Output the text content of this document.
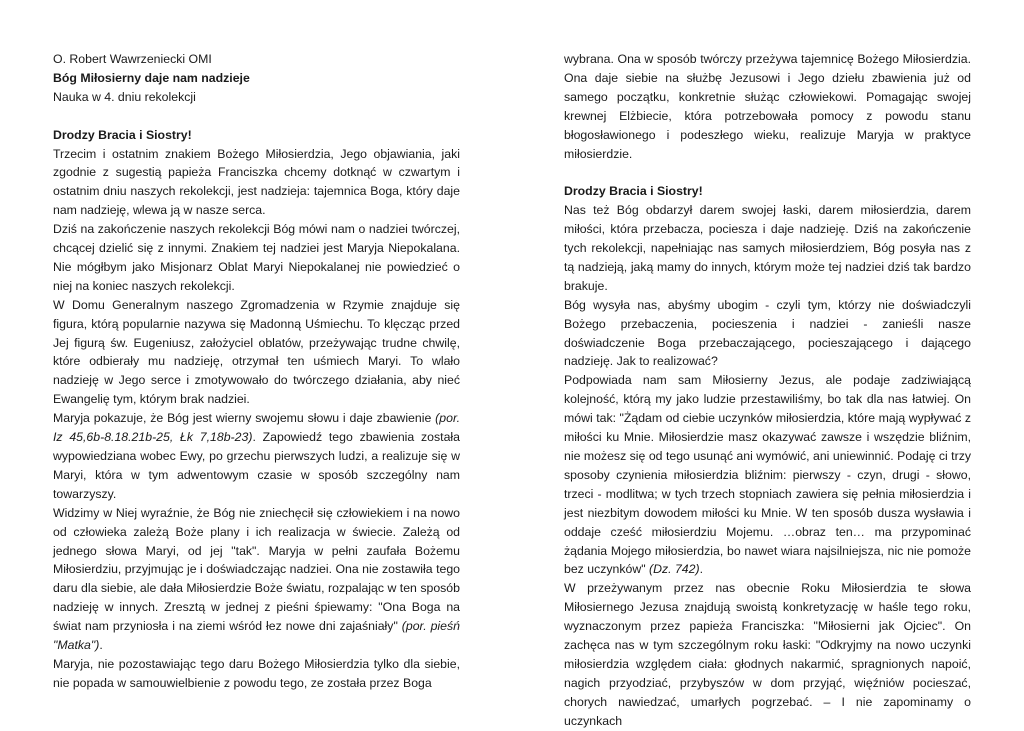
O. Robert Wawrzeniecki OMI
Bóg Miłosierny daje nam nadzieje
Nauka w 4. dniu rekolekcji
Drodzy Bracia i Siostry!

Trzecim i ostatnim znakiem Bożego Miłosierdzia, Jego objawiania, jaki zgodnie z sugestią papieża Franciszka chcemy dotknąć w czwartym i ostatnim dniu naszych rekolekcji, jest nadzieja: tajemnica Boga, który daje nam nadzieję, wlewa ją w nasze serca.

Dziś na zakończenie naszych rekolekcji Bóg mówi nam o nadziei twórczej, chcącej dzielić się z innymi. Znakiem tej nadziei jest Maryja Niepokalana. Nie mógłbym jako Misjonarz Oblat Maryi Niepokalanej nie powiedzieć o niej na koniec naszych rekolekcji.

W Domu Generalnym naszego Zgromadzenia w Rzymie znajduje się figura, którą popularnie nazywa się Madonną Uśmiechu. To klęcząc przed Jej figurą św. Eugeniusz, założyciel oblatów, przeżywając trudne chwilę, które odbierały mu nadzieję, otrzymał ten uśmiech Maryi. To wlało nadzieję w Jego serce i zmotywowało do twórczego działania, aby nieć Ewangelię tym, którym brak nadziei.

Maryja pokazuje, że Bóg jest wierny swojemu słowu i daje zbawienie (por. Iz 45,6b-8.18.21b-25, Łk 7,18b-23). Zapowiedź tego zbawienia została wypowiedziana wobec Ewy, po grzechu pierwszych ludzi, a realizuje się w Maryi, która w tym adwentowym czasie w sposób szczególny nam towarzyszy.

Widzimy w Niej wyraźnie, że Bóg nie zniechęcił się człowiekiem i na nowo od człowieka zależą Boże plany i ich realizacja w świecie. Zależą od jednego słowa Maryi, od jej "tak". Maryja w pełni zaufała Bożemu Miłosierdziu, przyjmując je i doświadczając nadziei. Ona nie zostawiła tego daru dla siebie, ale dała Miłosierdzie Boże światu, rozpalając w ten sposób nadzieję w innych. Zresztą w jednej z pieśni śpiewamy: "Ona Boga na świat nam przyniosła i na ziemi wśród łez nowe dni zajaśniały" (por. pieśń "Matka").

Maryja, nie pozostawiając tego daru Bożego Miłosierdzia tylko dla siebie, nie popada w samouwielbienie z powodu tego, ze została przez Boga

wybrana. Ona w sposób twórczy przeżywa tajemnicę Bożego Miłosierdzia. Ona daje siebie na służbę Jezusowi i Jego dziełu zbawienia już od samego początku, konkretnie służąc człowiekowi. Pomagając swojej krewnej Elżbiecie, która potrzebowała pomocy z powodu stanu błogosławionego i podeszłego wieku, realizuje Maryja w praktyce miłosierdzie.

Drodzy Bracia i Siostry!

Nas też Bóg obdarzył darem swojej łaski, darem miłosierdzia, darem miłości, która przebacza, pociesza i daje nadzieję. Dziś na zakończenie tych rekolekcji, napełniając nas samych miłosierdziem, Bóg posyła nas z tą nadzieją, jaką mamy do innych, którym może tej nadziei dziś tak bardzo brakuje.

Bóg wysyła nas, abyśmy ubogim - czyli tym, którzy nie doświadczyli Bożego przebaczenia, pocieszenia i nadziei - zanieśli nasze doświadczenie Boga przebaczającego, pocieszającego i dającego nadzieję. Jak to realizować?

Podpowiada nam sam Miłosierny Jezus, ale podaje zadziwiającą kolejność, którą my jako ludzie przestawiliśmy, bo tak dla nas łatwiej. On mówi tak: "Żądam od ciebie uczynków miłosierdzia, które mają wypływać z miłości ku Mnie. Miłosierdzie masz okazywać zawsze i wszędzie bliźnim, nie możesz się od tego usunąć ani wymówić, ani uniewinnić. Podaję ci trzy sposoby czynienia miłosierdzia bliźnim: pierwszy - czyn, drugi - słowo, trzeci - modlitwa; w tych trzech stopniach zawiera się pełnia miłosierdzia i jest niezbitym dowodem miłości ku Mnie. W ten sposób dusza wysławia i oddaje cześć miłosierdziu Mojemu. …obraz ten… ma przypominać żądania Mojego miłosierdzia, bo nawet wiara najsilniejsza, nic nie pomoże bez uczynków" (Dz. 742).

W przeżywanym przez nas obecnie Roku Miłosierdzia te słowa Miłosiernego Jezusa znajdują swoistą konkretyzację w haśle tego roku, wyznaczonym przez papieża Franciszka: "Miłosierni jak Ojciec". On zachęca nas w tym szczególnym roku łaski: "Odkryjmy na nowo uczynki miłosierdzia względem ciała: głodnych nakarmić, spragnionych napoić, nagich przyodziać, przybyszów w dom przyjąć, więźniów pocieszać, chorych nawiedzać, umarłych pogrzebać. – I nie zapominamy o uczynkach
